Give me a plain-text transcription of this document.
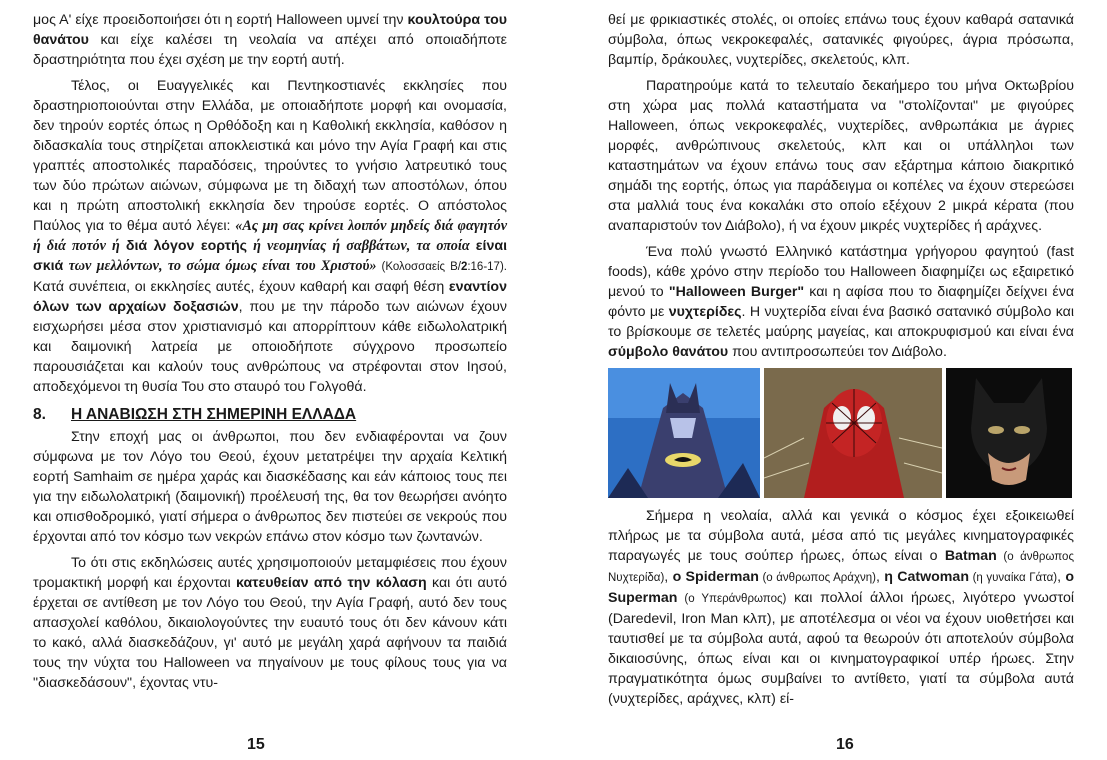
μος Α' είχε προειδοποιήσει ότι η εορτή Halloween υμνεί την κουλτούρα του θανάτου και είχε καλέσει τη νεολαία να απέχει από οποιαδήποτε δραστηριότητα που έχει σχέση με την εορτή αυτή.

Τέλος, οι Ευαγγελικές και Πεντηκοστιανές εκκλησίες που δραστηριοποιούνται στην Ελλάδα, με οποιαδήποτε μορφή και ονομασία, δεν τηρούν εορτές όπως η Ορθόδοξη και η Καθολική εκκλησία, καθόσον η διδασκαλία τους στηρίζεται αποκλειστικά και μόνο την Αγία Γραφή και στις γραπτές αποστολικές παραδόσεις, τηρούντες το γνήσιο λατρευτικό τους των δύο πρώτων αιώνων, σύμφωνα με τη διδαχή των αποστόλων, όπου και η πρώτη αποστολική εκκλησία δεν τηρούσε εορτές. Ο απόστολος Παύλος για το θέμα αυτό λέγει: «Ας μη σας κρίνει λοιπόν μηδείς διά φαγητόν ή διά ποτόν ή διά λόγον εορτής ή νεομηνίας ή σαββάτων, τα οποία είναι σκιά των μελλόντων, το σώμα όμως είναι του Χριστού» (Κολοσσαείς Β/2:16-17). Κατά συνέπεια, οι εκκλησίες αυτές, έχουν καθαρή και σαφή θέση εναντίον όλων των αρχαίων δοξασιών, που με την πάροδο των αιώνων έχουν εισχωρήσει μέσα στον χριστιανισμό και απορρίπτουν κάθε ειδωλολατρική και δαιμονική λατρεία με οποιοδήποτε σύγχρονο προσωπείο παρουσιάζεται και καλούν τους ανθρώπους να στρέφονται στον Ιησού, αποδεχόμενοι τη θυσία Του στο σταυρό του Γολγοθά.

8.	Η ΑΝΑΒΙΩΣΗ ΣΤΗ ΣΗΜΕΡΙΝΗ ΕΛΛΑΔΑ

Στην εποχή μας οι άνθρωποι, που δεν ενδιαφέρονται να ζουν σύμφωνα με τον Λόγο του Θεού, έχουν μετατρέψει την αρχαία Κελτική εορτή Samhaim σε ημέρα χαράς και διασκέδασης και εάν κάποιος τους πει για την ειδωλολατρική (δαιμονική) προέλευσή της, θα τον θεωρήσει ανόητο και οπισθοδρομικό, γιατί σήμερα ο άνθρωπος δεν πιστεύει σε νεκρούς που έρχονται από τον κόσμο των νεκρών επάνω στον κόσμο των ζωντανών.

Το ότι στις εκδηλώσεις αυτές χρησιμοποιούν μεταμφιέσεις που έχουν τρομακτική μορφή και έρχονται κατευθείαν από την κόλαση και ότι αυτό έρχεται σε αντίθεση με τον Λόγο του Θεού, την Αγία Γραφή, αυτό δεν τους απασχολεί καθόλου, δικαιολογούντες την ευαυτό τους ότι δεν κάνουν κάτι το κακό, αλλά διασκεδάζουν, γι' αυτό με μεγάλη χαρά αφήνουν τα παιδιά τους την νύχτα του Halloween να πηγαίνουν με τους φίλους τους για να "διασκεδάσουν", έχοντας ντυ-

15

θεί με φρικιαστικές στολές, οι οποίες επάνω τους έχουν καθαρά σατανικά σύμβολα, όπως νεκροκεφαλές, σατανικές φιγούρες, άγρια πρόσωπα, βαμπίρ, δράκουλες, νυχτερίδες, σκελετούς, κλπ.

Παρατηρούμε κατά το τελευταίο δεκαήμερο του μήνα Οκτωβρίου στη χώρα μας πολλά καταστήματα να "στολίζονται" με φιγούρες Halloween, όπως νεκροκεφαλές, νυχτερίδες, ανθρωπάκια με άγριες μορφές, ανθρώπινους σκελετούς, κλπ και οι υπάλληλοι των καταστημάτων να έχουν επάνω τους σαν εξάρτημα κάποιο διακριτικό σημάδι της εορτής, όπως για παράδειγμα οι κοπέλες να έχουν στερεώσει στα μαλλιά τους ένα κοκαλάκι στο οποίο εξέχουν 2 μικρά κέρατα (που αναπαριστούν τον Διάβολο), ή να έχουν μικρές νυχτερίδες ή αράχνες.

Ένα πολύ γνωστό Ελληνικό κατάστημα γρήγορου φαγητού (fast foods), κάθε χρόνο στην περίοδο του Halloween διαφημίζει ως εξαιρετικό μενού το "Halloween Burger" και η αφίσα που το διαφημίζει δείχνει ένα φόντο με νυχτερίδες. Η νυχτερίδα είναι ένα βασικό σατανικό σύμβολο και το βρίσκουμε σε τελετές μαύρης μαγείας, και αποκρυφισμού και είναι ένα σύμβολο θανάτου που αντιπροσωπεύει τον Διάβολο.

Σήμερα η νεολαία, αλλά και γενικά ο κόσμος έχει εξοικειωθεί πλήρως με τα σύμβολα αυτά, μέσα από τις μεγάλες κινηματογραφικές παραγωγές με τους σούπερ ήρωες, όπως είναι ο Batman (ο άνθρωπος Νυχτερίδα), ο Spiderman (ο άνθρωπος Αράχνη), η Catwoman (η γυναίκα Γάτα), ο Superman (ο Υπεράνθρωπος) και πολλοί άλλοι ήρωες, λιγότερο γνωστοί (Daredevil, Iron Man κλπ), με αποτέλεσμα οι νέοι να έχουν υιοθετήσει και ταυτισθεί με τα σύμβολα αυτά, αφού τα θεωρούν ότι αποτελούν σύμβολα δικαιοσύνης, όπως είναι και οι κινηματογραφικοί υπέρ ήρωες. Στην πραγματικότητα όμως συμβαίνει το αντίθετο, γιατί τα σύμβολα αυτά (νυχτερίδες, αράχνες, κλπ) εί-

16
